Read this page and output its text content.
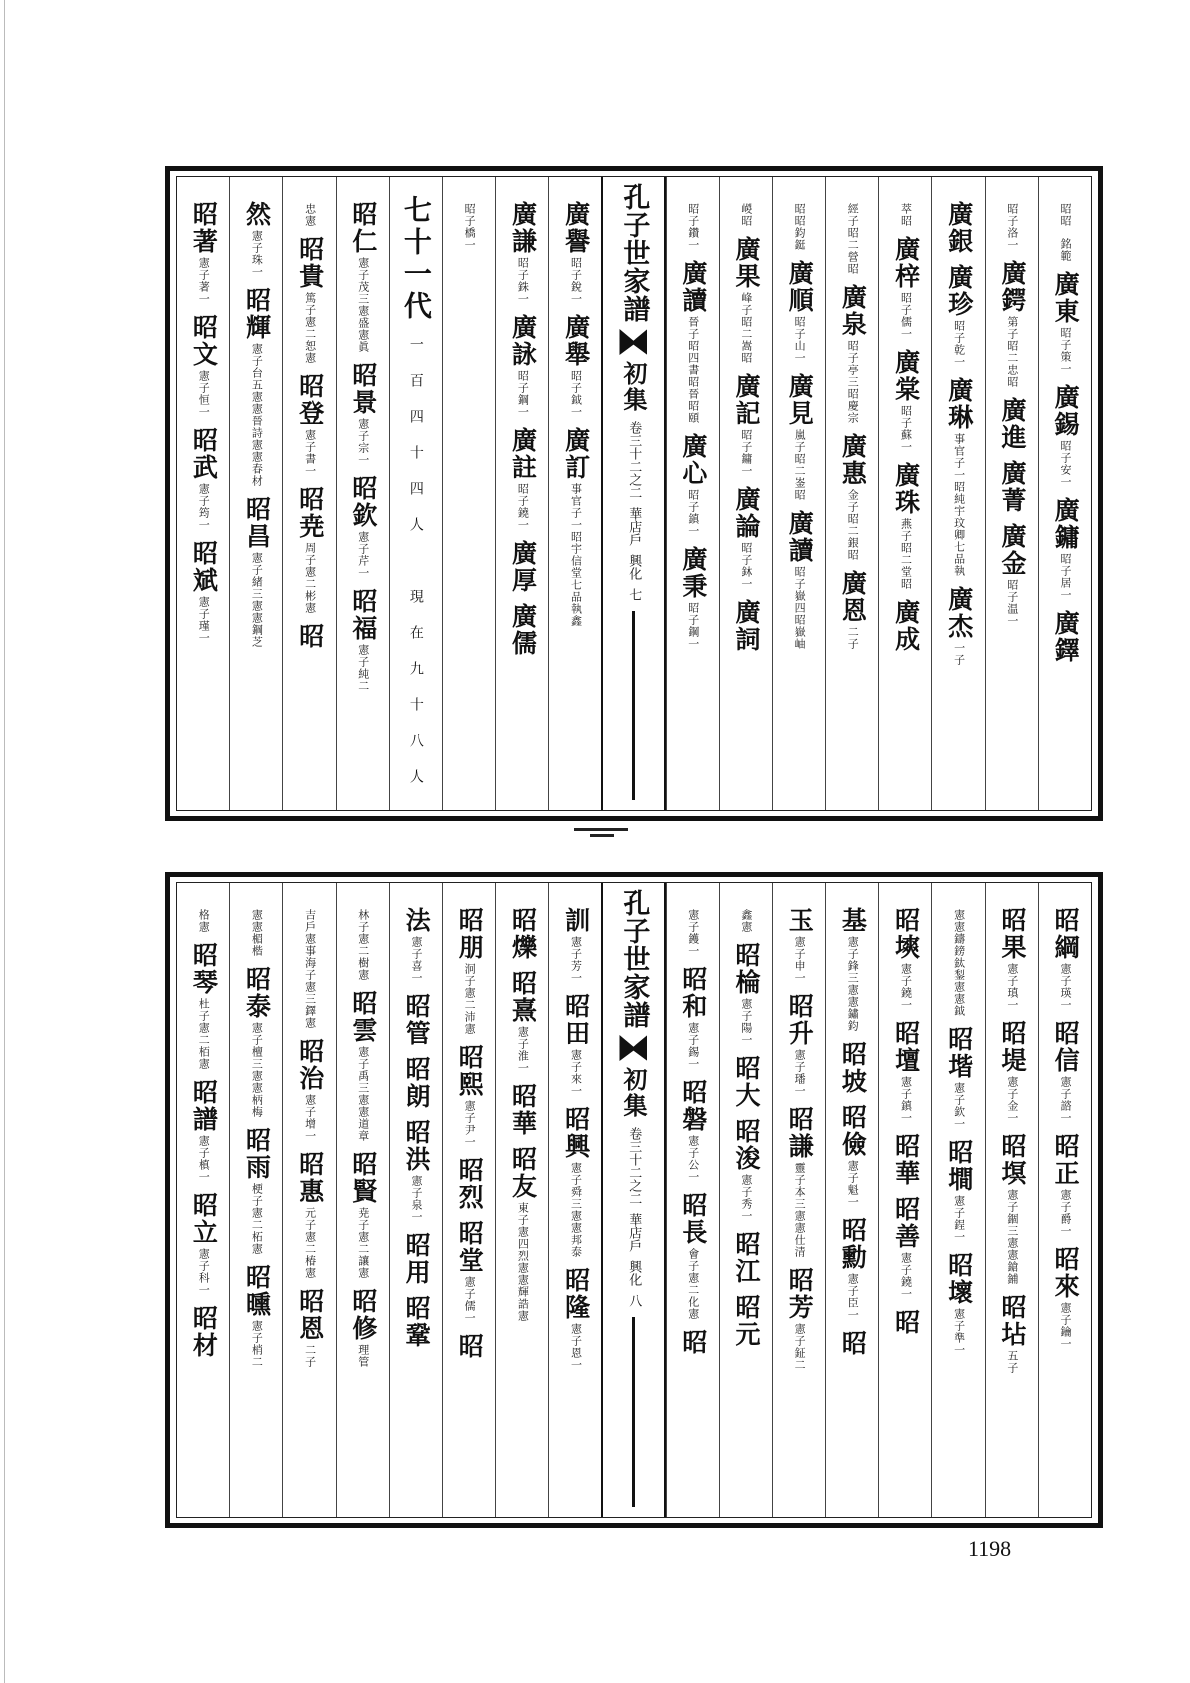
昭昭
銘範
廣東
昭子策一
廣錫
昭子安一
廣鏞
昭子居一
廣鐸
昭子洛一
廣鍔
第子昭二忠昭
廣進
廣菁
廣金
昭子温一
廣銀
廣珍
昭子乾一
廣琳
事官子一昭純宇玟卿七品執
廣杰
一子
萃昭
廣梓
昭子儒一
廣棠
昭子蘇一
廣珠
燕子昭二堂昭
廣成
經子昭二營昭
廣泉
昭子亭三昭慶宗
廣惠
金子昭二銀昭
廣恩
二子
昭昭鈞鋌
廣順
昭子山一
廣見
嵐子昭二崟昭
廣讀
昭子嶽四昭嶽岫
嵕昭
廣果
峰子昭二嵩昭
廣記
昭子鏞一
廣論
昭子鈢一
廣詞
昭子鑽一
廣讀
晉子昭四書昭晉昭頤
廣心
昭子鎮一
廣秉
昭子鋼一
孔子世家譜
初集
卷三十二之二
華店戶
興化
七
廣譽
昭子銳一
廣舉
昭子鉞一
廣訂
事官子一昭宇信堂七品執鑫
廣謙
昭子銖一
廣詠
昭子鋼一
廣註
昭子鐃一
廣厚
廣儒
昭子橋一
七十一代
一百四十四人　現在九十八人
昭仁
憲子茂三憲盛憲眞
昭景
憲子宗一
昭欽
憲子芹一
昭福
憲子純二
忠憲
昭貴
篤子憲二恕憲
昭登
憲子書一
昭尭
周子憲二彬憲
昭
然
憲子珠一
昭輝
憲子台五憲憲晉詩憲憲春材
昭昌
憲子緒三憲憲鋼芝
昭著
憲子著一
昭文
憲子恒一
昭武
憲子筠一
昭斌
憲子瑾一
昭綱
憲子瑛一
昭信
憲子諮一
昭正
憲子爵一
昭來
憲子鑰一
昭果
憲子瑱一
昭堤
憲子金一
昭塓
憲子錮三憲憲鎗鋪
昭坫
五子
憲憲鑄鎊鈦鋫憲憲鉞
昭堦
憲子欽一
昭墹
憲子鋥一
昭壞
憲子準一
昭塽
憲子鐃一
昭壇
憲子鎮一
昭華
昭善
憲子鐃一
昭
基
憲子鋒三憲憲鏽鈞
昭坡
昭儉
憲子魁一
昭勳
憲子臣一
昭
玉
憲子申一
昭升
憲子璠一
昭謙
靈子本三憲憲仕清
昭芳
憲子鉦二
鑫憲
昭棆
憲子陽一
昭大
昭浚
憲子秀一
昭江
昭元
憲子鑊一
昭和
憲子錫一
昭磐
憲子公一
昭長
會子憲二化憲
昭
孔子世家譜
初集
卷三十二之二
華店戶
興化
八
訓
憲子芳一
昭田
憲子來一
昭興
憲子舜三憲憲邦泰
昭隆
憲子恩一
昭爍
昭熹
憲子淮一
昭華
昭友
東子憲四烈憲憲輝誥憲
昭朋
泂子憲二沛憲
昭熙
憲子尹一
昭烈
昭堂
憲子儒一
昭
法
憲子喜一
昭管
昭朗
昭洪
憲子泉一
昭用
昭鞏
林子憲二樹憲
昭雲
憲子禹三憲憲道章
昭賢
尭子憲二讓憲
昭修
理管
吉戶憲事海子憲三鐸憲
昭治
憲子增一
昭惠
元子憲二椿憲
昭恩
二子
憲憲楣楷
昭泰
憲子檀三憲憲柄梅
昭雨
梗子憲二柘憲
昭曛
憲子梢二
格憲
昭琴
杜子憲二栢憲
昭譜
憲子槙一
昭立
憲子科一
昭材
1198
